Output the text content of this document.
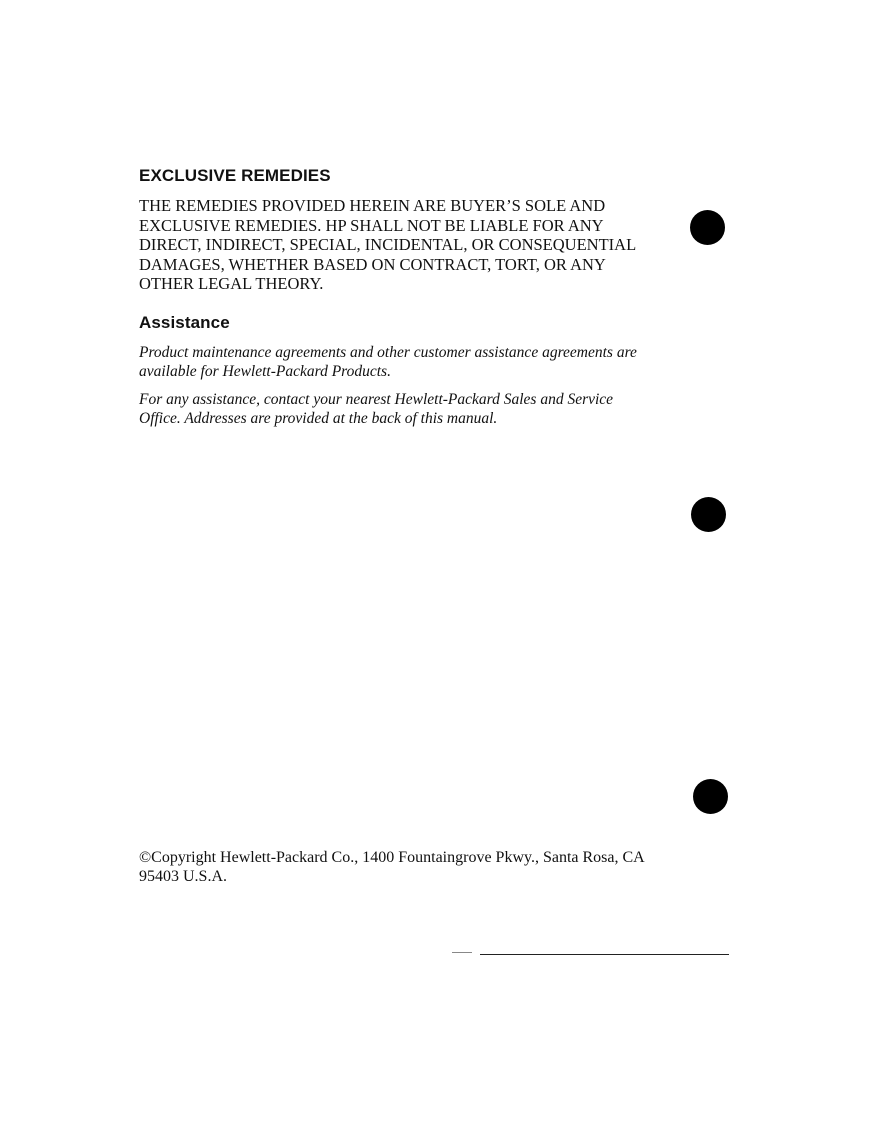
EXCLUSIVE REMEDIES

THE REMEDIES PROVIDED HEREIN ARE BUYER’S SOLE AND
EXCLUSIVE REMEDIES. HP SHALL NOT BE LIABLE FOR ANY
DIRECT, INDIRECT, SPECIAL, INCIDENTAL, OR CONSEQUENTIAL
DAMAGES, WHETHER BASED ON CONTRACT, TORT, OR ANY
OTHER LEGAL THEORY.

Assistance

Product maintenance agreements and other customer assistance agreements are
available for Hewlett-Packard Products.

For any assistance, contact your nearest Hewlett-Packard Sales and Service
Office. Addresses are provided at the back of this manual.

©Copyright Hewlett-Packard Co., 1400 Fountaingrove Pkwy., Santa Rosa, CA
95403 U.S.A.
